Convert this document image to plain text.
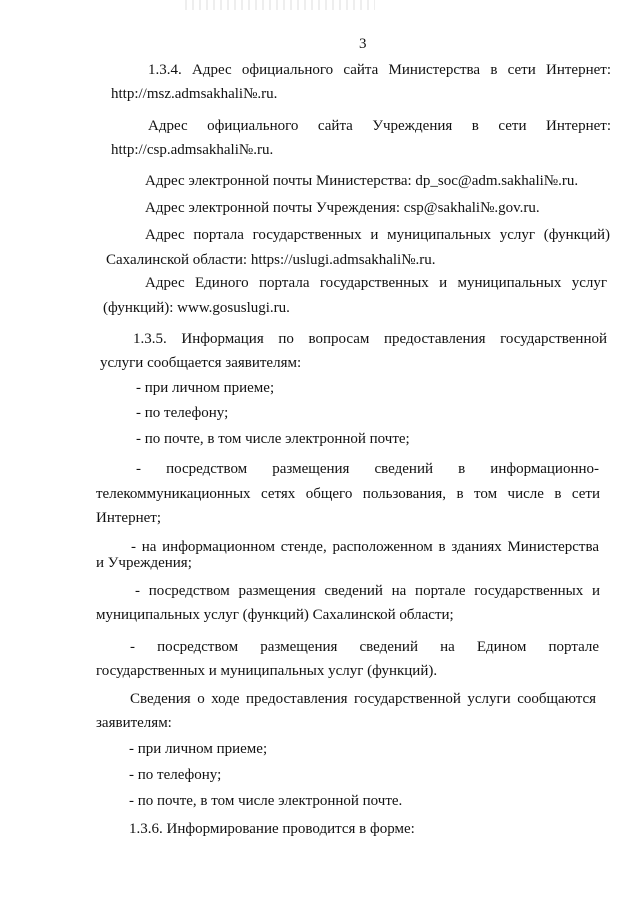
3
1.3.4. Адрес официального сайта Министерства в сети Интернет:
http://msz.admsakhali№.ru.
Адрес официального сайта Учреждения в сети Интернет:
http://csp.admsakhali№.ru.
Адрес электронной почты Министерства: dp_soc@adm.sakhali№.ru.
Адрес электронной почты Учреждения: csp@sakhali№.gov.ru.
Адрес портала государственных и муниципальных услуг (функций)
Сахалинской области: https://uslugi.admsakhali№.ru.
Адрес Единого портала государственных и муниципальных услуг
(функций): www.gosuslugi.ru.
1.3.5. Информация по вопросам предоставления государственной
услуги сообщается заявителям:
- при личном приеме;
- по телефону;
- по почте, в том числе электронной почте;
- посредством размещения сведений в информационно-
телекоммуникационных сетях общего пользования, в том числе в сети
Интернет;
- на информационном стенде, расположенном в зданиях Министерства
и Учреждения;
- посредством размещения сведений на портале государственных и
муниципальных услуг (функций) Сахалинской области;
- посредством размещения сведений на Едином портале
государственных и муниципальных услуг (функций).
Сведения о ходе предоставления государственной услуги сообщаются
заявителям:
- при личном приеме;
- по телефону;
- по почте, в том числе электронной почте.
1.3.6. Информирование проводится в форме:
